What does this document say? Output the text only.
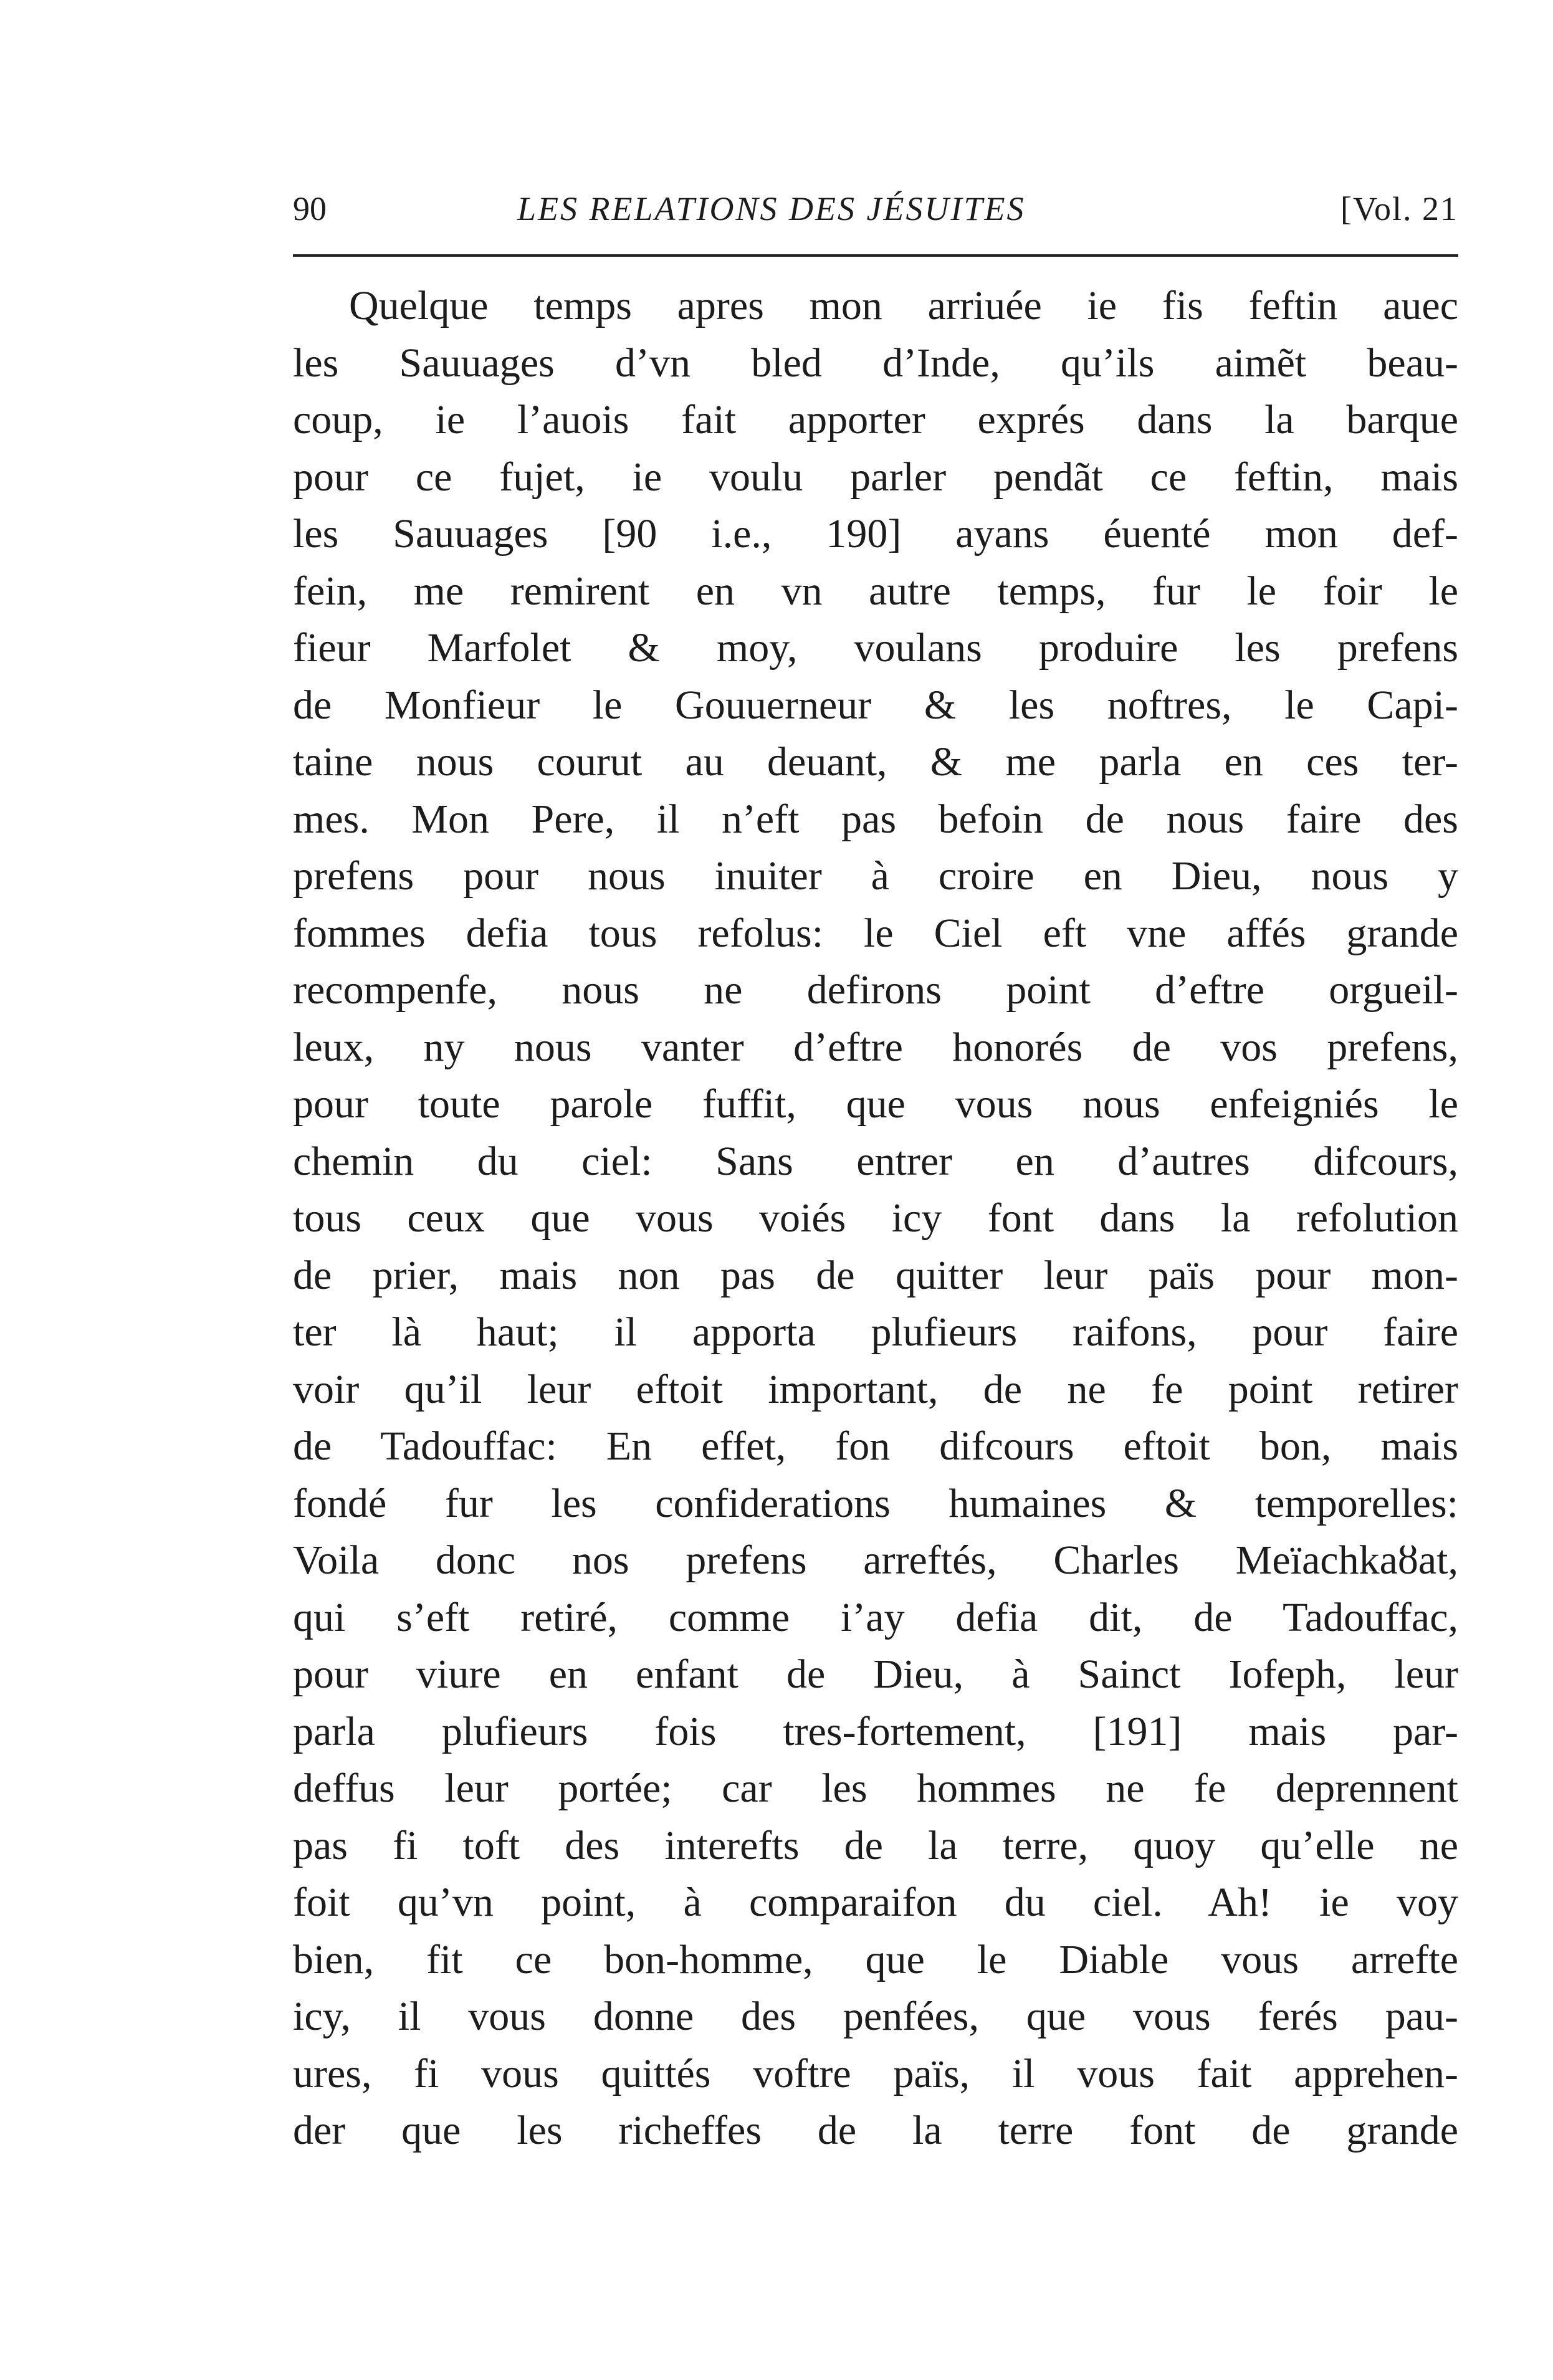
90	LES RELATIONS DES JÉSUITES	[Vol. 21
Quelque temps apres mon arriuée ie fis feftin auec
les Sauuages d’vn bled d’Inde, qu’ils aimẽt beau-
coup, ie l’auois fait apporter exprés dans la barque
pour ce fujet, ie voulu parler pendãt ce feftin, mais
les Sauuages [90 i.e., 190] ayans éuenté mon def-
fein, me remirent en vn autre temps, fur le foir le
fieur Marfolet & moy, voulans produire les prefens
de Monfieur le Gouuerneur & les noftres, le Capi-
taine nous courut au deuant, & me parla en ces ter-
mes. Mon Pere, il n’eft pas befoin de nous faire des
prefens pour nous inuiter à croire en Dieu, nous y
fommes defia tous refolus: le Ciel eft vne affés grande
recompenfe, nous ne defirons point d’eftre orgueil-
leux, ny nous vanter d’eftre honorés de vos prefens,
pour toute parole fuffit, que vous nous enfeigniés le
chemin du ciel: Sans entrer en d’autres difcours,
tous ceux que vous voiés icy font dans la refolution
de prier, mais non pas de quitter leur païs pour mon-
ter là haut; il apporta plufieurs raifons, pour faire
voir qu’il leur eftoit important, de ne fe point retirer
de Tadouffac: En effet, fon difcours eftoit bon, mais
fondé fur les confiderations humaines & temporelles:
Voila donc nos prefens arreftés, Charles Meïachkaȣat,
qui s’eft retiré, comme i’ay defia dit, de Tadouffac,
pour viure en enfant de Dieu, à Sainct Iofeph, leur
parla plufieurs fois tres-fortement, [191] mais par-
deffus leur portée; car les hommes ne fe deprennent
pas fi toft des interefts de la terre, quoy qu’elle ne
foit qu’vn point, à comparaifon du ciel. Ah! ie voy
bien, fit ce bon-homme, que le Diable vous arrefte
icy, il vous donne des penfées, que vous ferés pau-
ures, fi vous quittés voftre païs, il vous fait apprehen-
der que les richeffes de la terre font de grande
